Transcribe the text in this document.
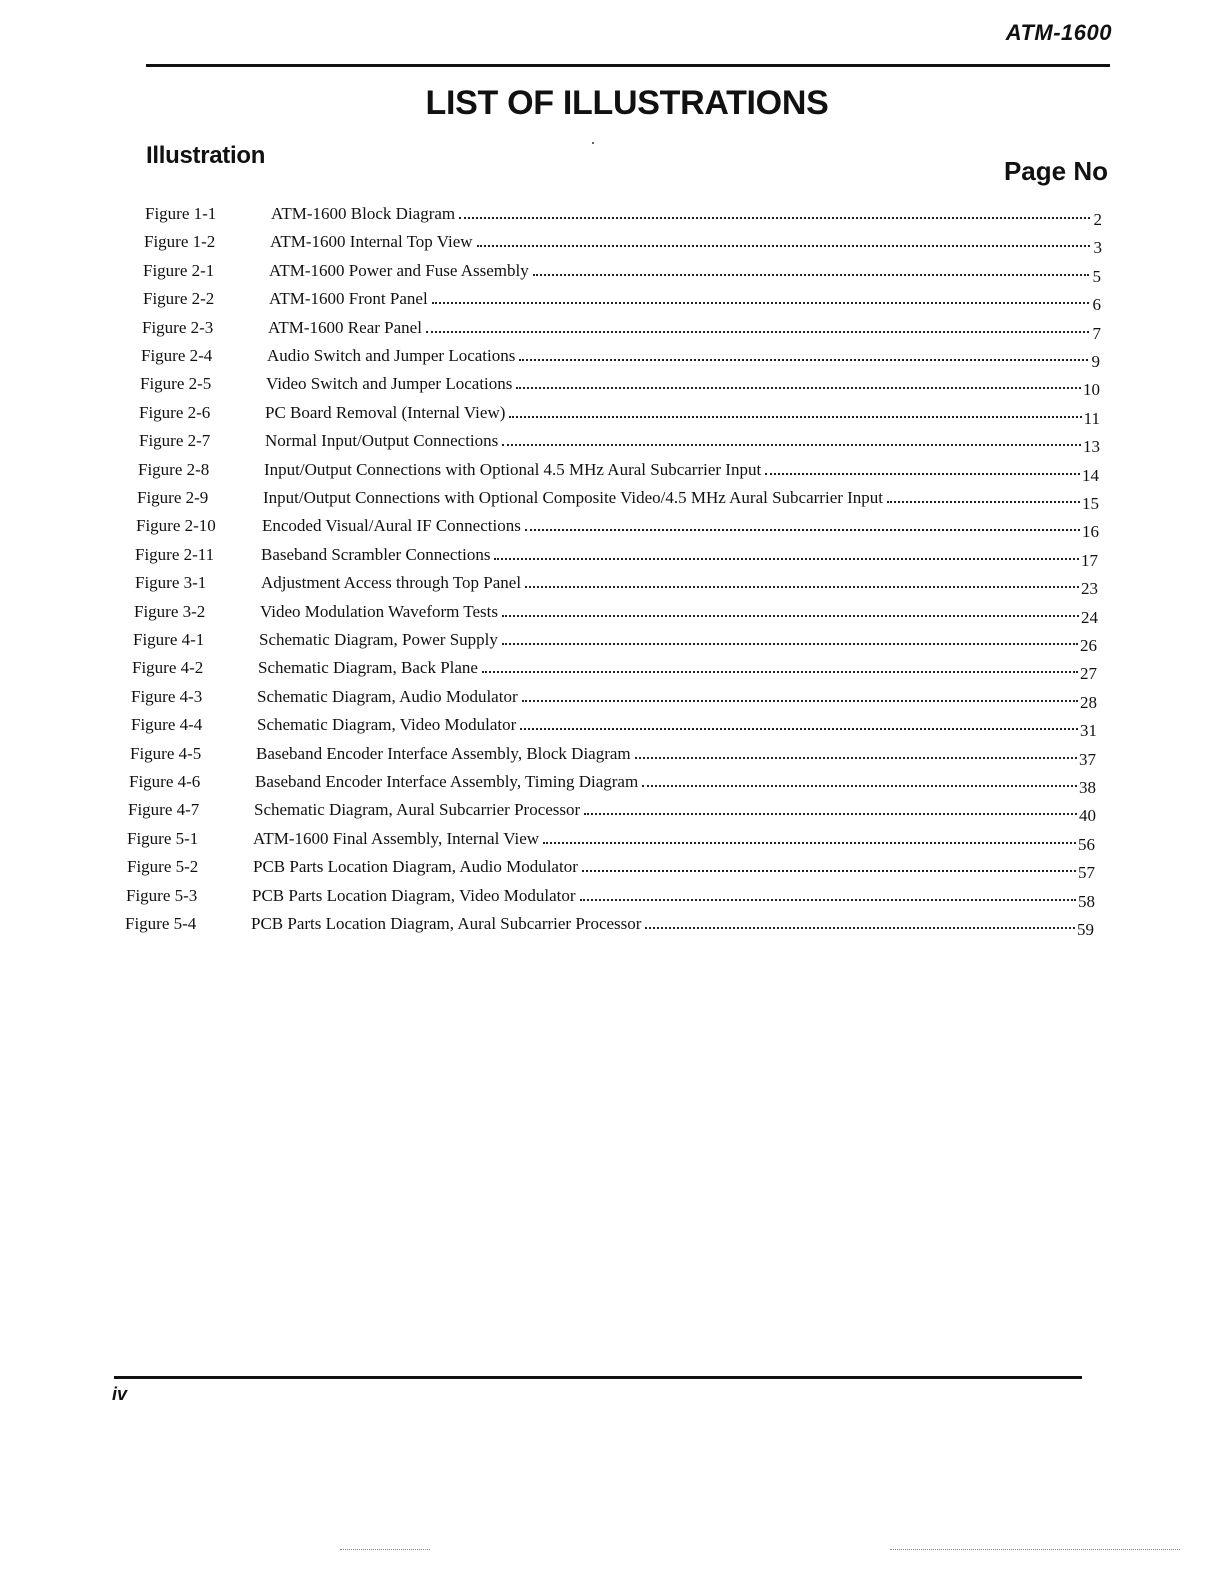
ATM-1600
LIST OF ILLUSTRATIONS
Illustration
Page No
Figure 1-1	ATM-1600 Block Diagram	2
Figure 1-2	ATM-1600 Internal Top View	3
Figure 2-1	ATM-1600 Power and Fuse Assembly	5
Figure 2-2	ATM-1600 Front Panel	6
Figure 2-3	ATM-1600 Rear Panel	7
Figure 2-4	Audio Switch and Jumper Locations	9
Figure 2-5	Video Switch and Jumper Locations	10
Figure 2-6	PC Board Removal (Internal View)	11
Figure 2-7	Normal Input/Output Connections	13
Figure 2-8	Input/Output Connections with Optional 4.5 MHz Aural Subcarrier Input	14
Figure 2-9	Input/Output Connections with Optional Composite Video/4.5 MHz Aural Subcarrier Input	15
Figure 2-10	Encoded Visual/Aural IF Connections	16
Figure 2-11	Baseband Scrambler Connections	17
Figure 3-1	Adjustment Access through Top Panel	23
Figure 3-2	Video Modulation Waveform Tests	24
Figure 4-1	Schematic Diagram, Power Supply	26
Figure 4-2	Schematic Diagram, Back Plane	27
Figure 4-3	Schematic Diagram, Audio Modulator	28
Figure 4-4	Schematic Diagram, Video Modulator	31
Figure 4-5	Baseband Encoder Interface Assembly, Block Diagram	37
Figure 4-6	Baseband Encoder Interface Assembly, Timing Diagram	38
Figure 4-7	Schematic Diagram, Aural Subcarrier Processor	40
Figure 5-1	ATM-1600 Final Assembly, Internal View	56
Figure 5-2	PCB Parts Location Diagram, Audio Modulator	57
Figure 5-3	PCB Parts Location Diagram, Video Modulator	58
Figure 5-4	PCB Parts Location Diagram, Aural Subcarrier Processor	59
iv
